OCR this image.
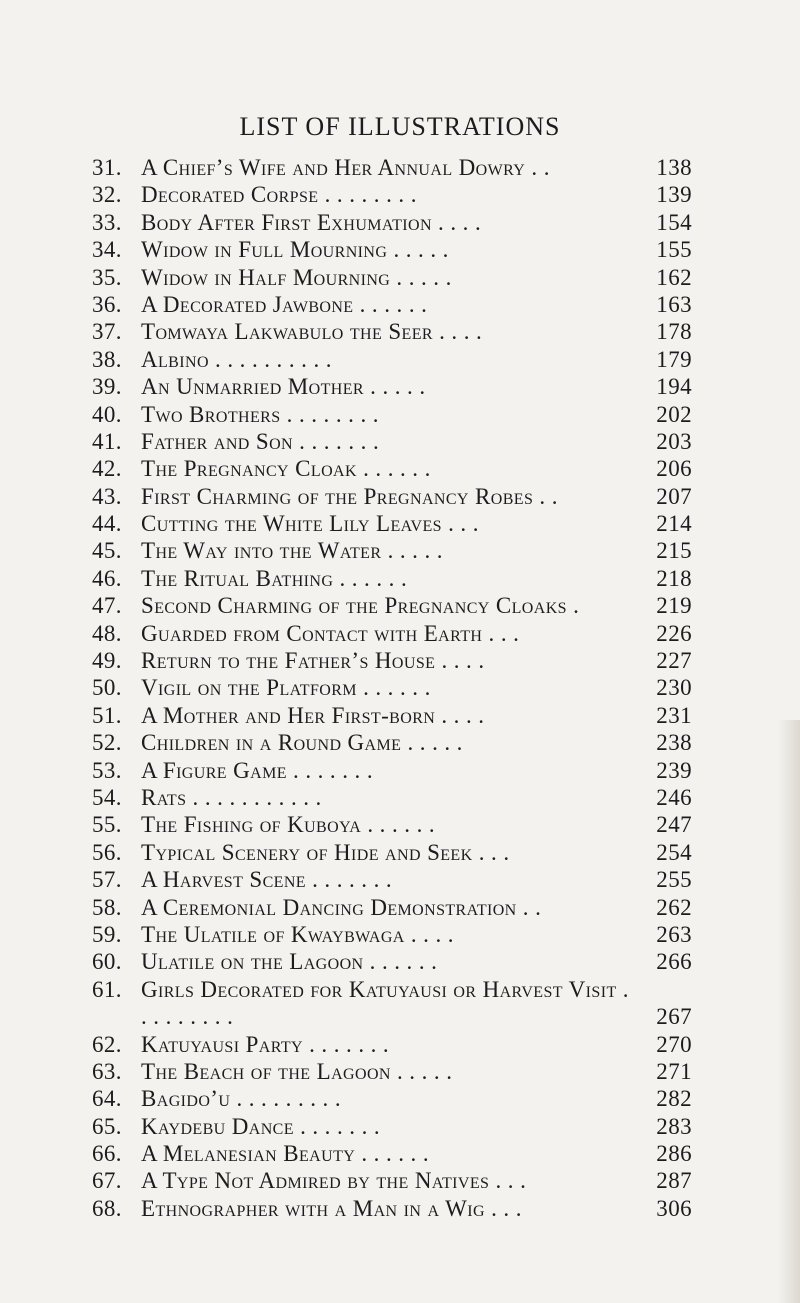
LIST OF ILLUSTRATIONS
31. A Chief’s Wife and Her Annual Dowry . .	138
32. Decorated Corpse . . . . . . . .	139
33. Body After First Exhumation . . . .	154
34. Widow in Full Mourning . . . . .	155
35. Widow in Half Mourning . . . . .	162
36. A Decorated Jawbone . . . . . .	163
37. Tomwaya Lakwabulo the Seer . . . .	178
38. Albino . . . . . . . . . .	179
39. An Unmarried Mother . . . . .	194
40. Two Brothers . . . . . . . .	202
41. Father and Son . . . . . . .	203
42. The Pregnancy Cloak . . . . . .	206
43. First Charming of the Pregnancy Robes . .	207
44. Cutting the White Lily Leaves . . .	214
45. The Way into the Water . . . . .	215
46. The Ritual Bathing . . . . . .	218
47. Second Charming of the Pregnancy Cloaks .	219
48. Guarded from Contact with Earth . . .	226
49. Return to the Father’s House . . . .	227
50. Vigil on the Platform . . . . . .	230
51. A Mother and Her First-born . . . .	231
52. Children in a Round Game . . . . .	238
53. A Figure Game . . . . . . .	239
54. Rats . . . . . . . . . . .	246
55. The Fishing of Kuboya . . . . . .	247
56. Typical Scenery of Hide and Seek . . .	254
57. A Harvest Scene . . . . . . .	255
58. A Ceremonial Dancing Demonstration . .	262
59. The Ulatile of Kwaybwaga . . . .	263
60. Ulatile on the Lagoon . . . . . .	266
61. Girls Decorated for Katuyausi or Harvest Visit . . . . . . . . .	267
62. Katuyausi Party . . . . . . .	270
63. The Beach of the Lagoon . . . . .	271
64. Bagido’u . . . . . . . . .	282
65. Kaydebu Dance . . . . . . .	283
66. A Melanesian Beauty . . . . . .	286
67. A Type Not Admired by the Natives . . .	287
68. Ethnographer with a Man in a Wig . . .	306
